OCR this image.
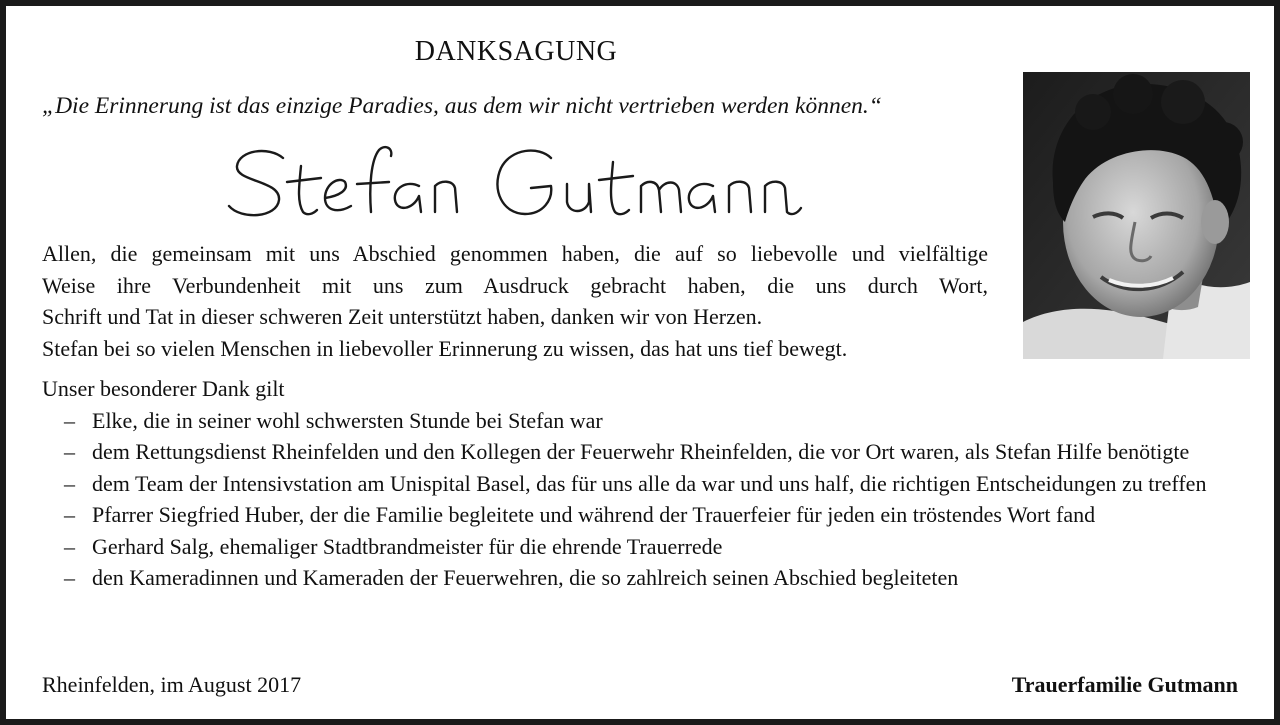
DANKSAGUNG
„Die Erinnerung ist das einzige Paradies, aus dem wir nicht vertrieben werden können.“
Allen, die gemeinsam mit uns Abschied genommen haben, die auf so liebevolle und vielfältige
Weise ihre Verbundenheit mit uns zum Ausdruck gebracht haben, die uns durch Wort,
Schrift und Tat in dieser schweren Zeit unterstützt haben, danken wir von Herzen.
Stefan bei so vielen Menschen in liebevoller Erinnerung zu wissen, das hat uns tief bewegt.
Unser besonderer Dank gilt
– Elke, die in seiner wohl schwersten Stunde bei Stefan war
– dem Rettungsdienst Rheinfelden und den Kollegen der Feuerwehr Rheinfelden, die vor Ort waren, als Stefan Hilfe benötigte
– dem Team der Intensivstation am Unispital Basel, das für uns alle da war und uns half, die richtigen Entscheidungen zu treffen
– Pfarrer Siegfried Huber, der die Familie begleitete und während der Trauerfeier für jeden ein tröstendes Wort fand
– Gerhard Salg, ehemaliger Stadtbrandmeister für die ehrende Trauerrede
– den Kameradinnen und Kameraden der Feuerwehren, die so zahlreich seinen Abschied begleiteten
Rheinfelden, im August 2017	Trauerfamilie Gutmann
